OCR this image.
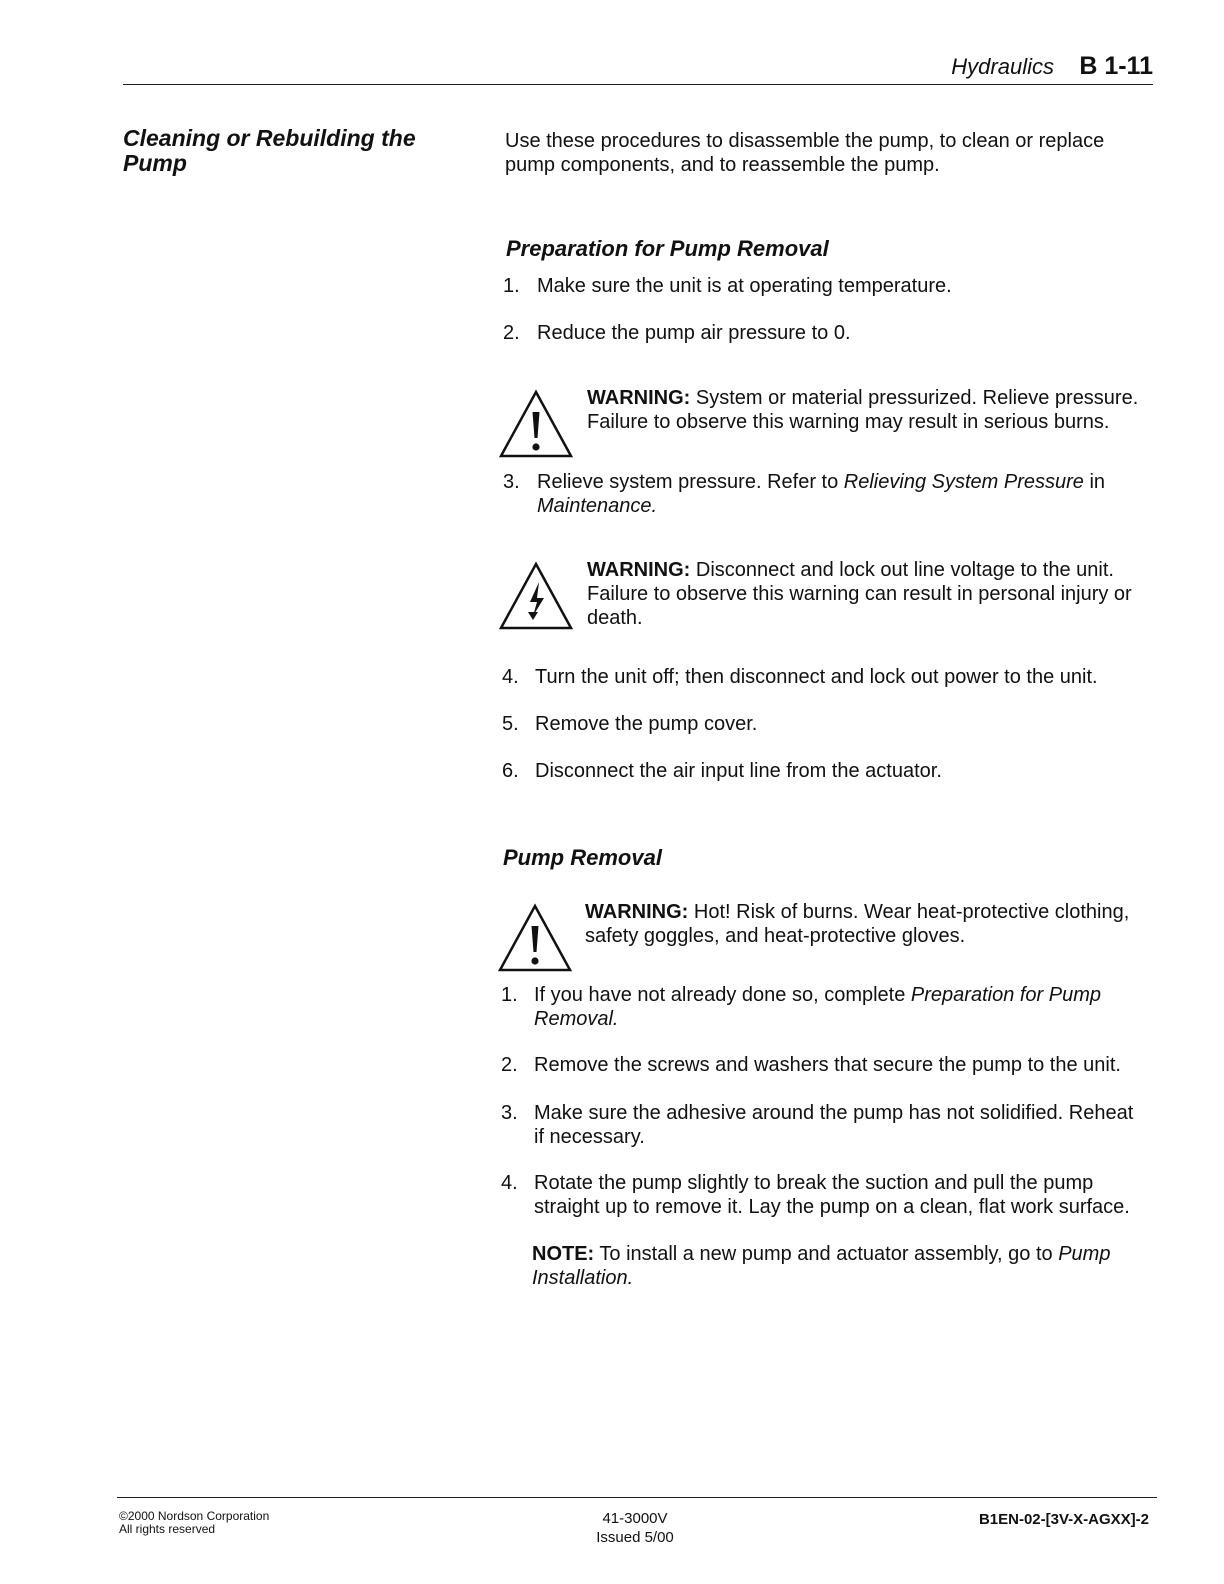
Hydraulics B 1-11
Cleaning or Rebuilding the Pump
Use these procedures to disassemble the pump, to clean or replace pump components, and to reassemble the pump.
Preparation for Pump Removal
1. Make sure the unit is at operating temperature.
2. Reduce the pump air pressure to 0.
WARNING: System or material pressurized. Relieve pressure. Failure to observe this warning may result in serious burns.
3. Relieve system pressure. Refer to Relieving System Pressure in Maintenance.
WARNING: Disconnect and lock out line voltage to the unit. Failure to observe this warning can result in personal injury or death.
4. Turn the unit off; then disconnect and lock out power to the unit.
5. Remove the pump cover.
6. Disconnect the air input line from the actuator.
Pump Removal
WARNING: Hot! Risk of burns. Wear heat-protective clothing, safety goggles, and heat-protective gloves.
1. If you have not already done so, complete Preparation for Pump Removal.
2. Remove the screws and washers that secure the pump to the unit.
3. Make sure the adhesive around the pump has not solidified. Reheat if necessary.
4. Rotate the pump slightly to break the suction and pull the pump straight up to remove it. Lay the pump on a clean, flat work surface.
NOTE: To install a new pump and actuator assembly, go to Pump Installation.
©2000 Nordson Corporation
All rights reserved
41-3000V
Issued 5/00
B1EN-02-[3V-X-AGXX]-2
